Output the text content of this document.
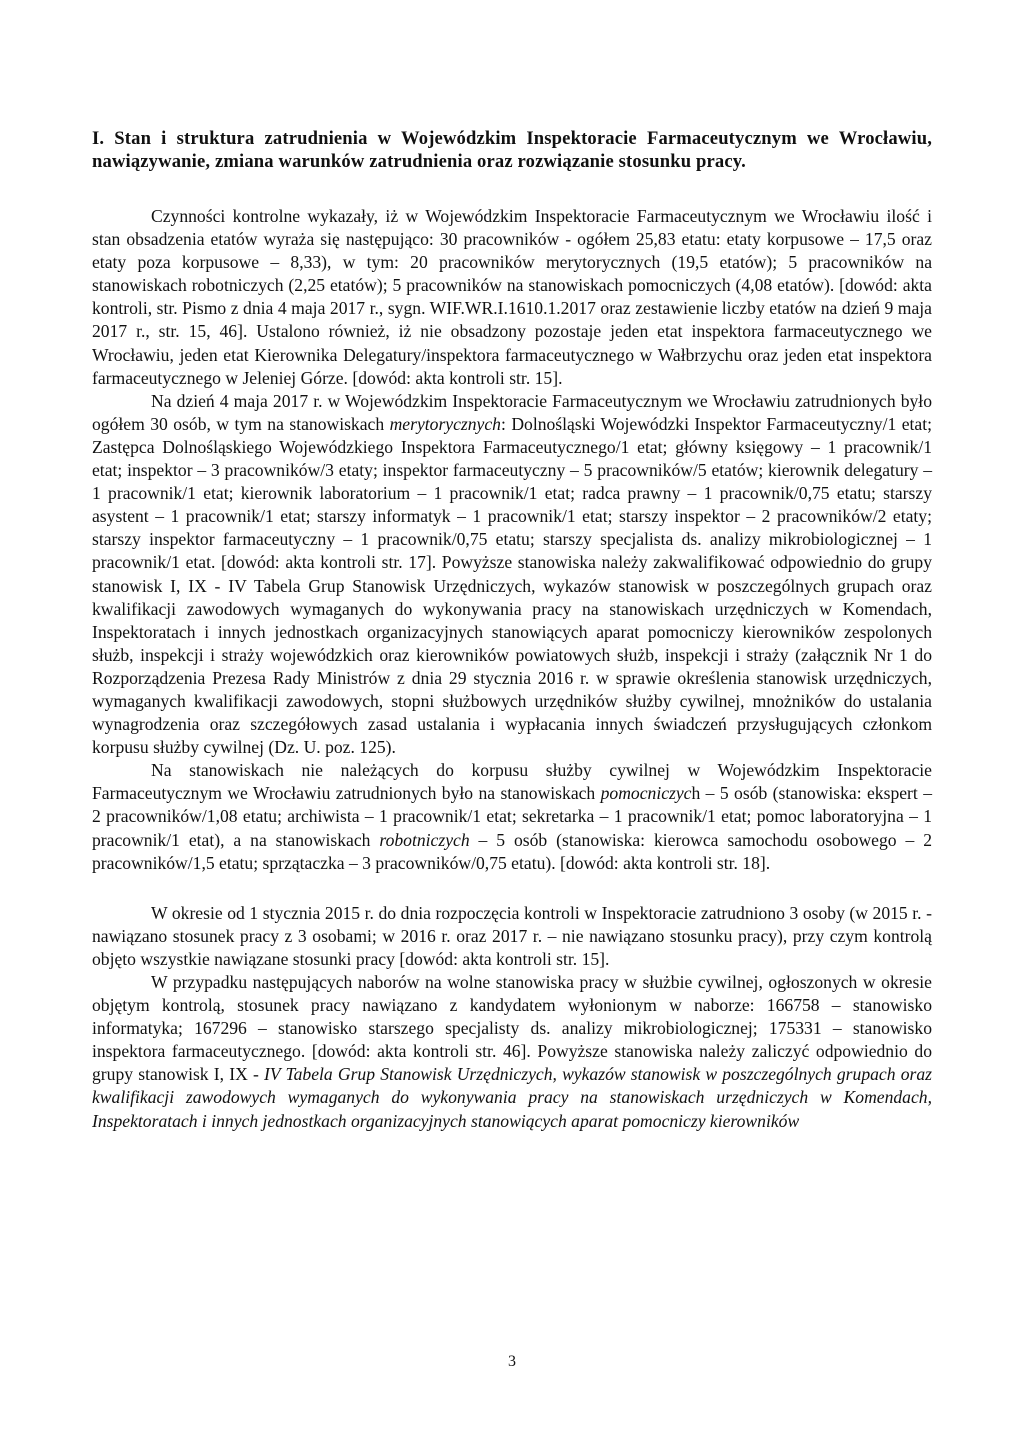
I. Stan i struktura zatrudnienia w Wojewódzkim Inspektoracie Farmaceutycznym we Wrocławiu, nawiązywanie, zmiana warunków zatrudnienia oraz rozwiązanie stosunku pracy.

Czynności kontrolne wykazały, iż w Wojewódzkim Inspektoracie Farmaceutycznym we Wrocławiu ilość i stan obsadzenia etatów wyraża się następująco: 30 pracowników - ogółem 25,83 etatu: etaty korpusowe – 17,5 oraz etaty poza korpusowe – 8,33), w tym: 20 pracowników merytorycznych (19,5 etatów); 5 pracowników na stanowiskach robotniczych (2,25 etatów); 5 pracowników na stanowiskach pomocniczych (4,08 etatów). [dowód: akta kontroli, str. Pismo z dnia 4 maja 2017 r., sygn. WIF.WR.I.1610.1.2017 oraz zestawienie liczby etatów na dzień 9 maja 2017 r., str. 15, 46]. Ustalono również, iż nie obsadzony pozostaje jeden etat inspektora farmaceutycznego we Wrocławiu, jeden etat Kierownika Delegatury/inspektora farmaceutycznego w Wałbrzychu oraz jeden etat inspektora farmaceutycznego w Jeleniej Górze. [dowód: akta kontroli str. 15].

Na dzień 4 maja 2017 r. w Wojewódzkim Inspektoracie Farmaceutycznym we Wrocławiu zatrudnionych było ogółem 30 osób, w tym na stanowiskach merytorycznych: Dolnośląski Wojewódzki Inspektor Farmaceutyczny/1 etat; Zastępca Dolnośląskiego Wojewódzkiego Inspektora Farmaceutycznego/1 etat; główny księgowy – 1 pracownik/1 etat; inspektor – 3 pracowników/3 etaty; inspektor farmaceutyczny – 5 pracowników/5 etatów; kierownik delegatury – 1 pracownik/1 etat; kierownik laboratorium – 1 pracownik/1 etat; radca prawny – 1 pracownik/0,75 etatu; starszy asystent – 1 pracownik/1 etat; starszy informatyk – 1 pracownik/1 etat; starszy inspektor – 2 pracowników/2 etaty; starszy inspektor farmaceutyczny – 1 pracownik/0,75 etatu; starszy specjalista ds. analizy mikrobiologicznej – 1 pracownik/1 etat. [dowód: akta kontroli str. 17]. Powyższe stanowiska należy zakwalifikować odpowiednio do grupy stanowisk I, IX - IV Tabela Grup Stanowisk Urzędniczych, wykazów stanowisk w poszczególnych grupach oraz kwalifikacji zawodowych wymaganych do wykonywania pracy na stanowiskach urzędniczych w Komendach, Inspektoratach i innych jednostkach organizacyjnych stanowiących aparat pomocniczy kierowników zespolonych służb, inspekcji i straży wojewódzkich oraz kierowników powiatowych służb, inspekcji i straży (załącznik Nr 1 do Rozporządzenia Prezesa Rady Ministrów z dnia 29 stycznia 2016 r. w sprawie określenia stanowisk urzędniczych, wymaganych kwalifikacji zawodowych, stopni służbowych urzędników służby cywilnej, mnożników do ustalania wynagrodzenia oraz szczegółowych zasad ustalania i wypłacania innych świadczeń przysługujących członkom korpusu służby cywilnej (Dz. U. poz. 125).

Na stanowiskach nie należących do korpusu służby cywilnej w Wojewódzkim Inspektoracie Farmaceutycznym we Wrocławiu zatrudnionych było na stanowiskach pomocniczych – 5 osób (stanowiska: ekspert – 2 pracowników/1,08 etatu; archiwista – 1 pracownik/1 etat; sekretarka – 1 pracownik/1 etat; pomoc laboratoryjna – 1 pracownik/1 etat), a na stanowiskach robotniczych – 5 osób (stanowiska: kierowca samochodu osobowego – 2 pracowników/1,5 etatu; sprzątaczka – 3 pracowników/0,75 etatu). [dowód: akta kontroli str. 18].

W okresie od 1 stycznia 2015 r. do dnia rozpoczęcia kontroli w Inspektoracie zatrudniono 3 osoby (w 2015 r. - nawiązano stosunek pracy z 3 osobami; w 2016 r. oraz 2017 r. – nie nawiązano stosunku pracy), przy czym kontrolą objęto wszystkie nawiązane stosunki pracy [dowód: akta kontroli str. 15].

W przypadku następujących naborów na wolne stanowiska pracy w służbie cywilnej, ogłoszonych w okresie objętym kontrolą, stosunek pracy nawiązano z kandydatem wyłonionym w naborze: 166758 – stanowisko informatyka; 167296 – stanowisko starszego specjalisty ds. analizy mikrobiologicznej; 175331 – stanowisko inspektora farmaceutycznego. [dowód: akta kontroli str. 46]. Powyższe stanowiska należy zaliczyć odpowiednio do grupy stanowisk I, IX - IV Tabela Grup Stanowisk Urzędniczych, wykazów stanowisk w poszczególnych grupach oraz kwalifikacji zawodowych wymaganych do wykonywania pracy na stanowiskach urzędniczych w Komendach, Inspektoratach i innych jednostkach organizacyjnych stanowiących aparat pomocniczy kierowników

3
